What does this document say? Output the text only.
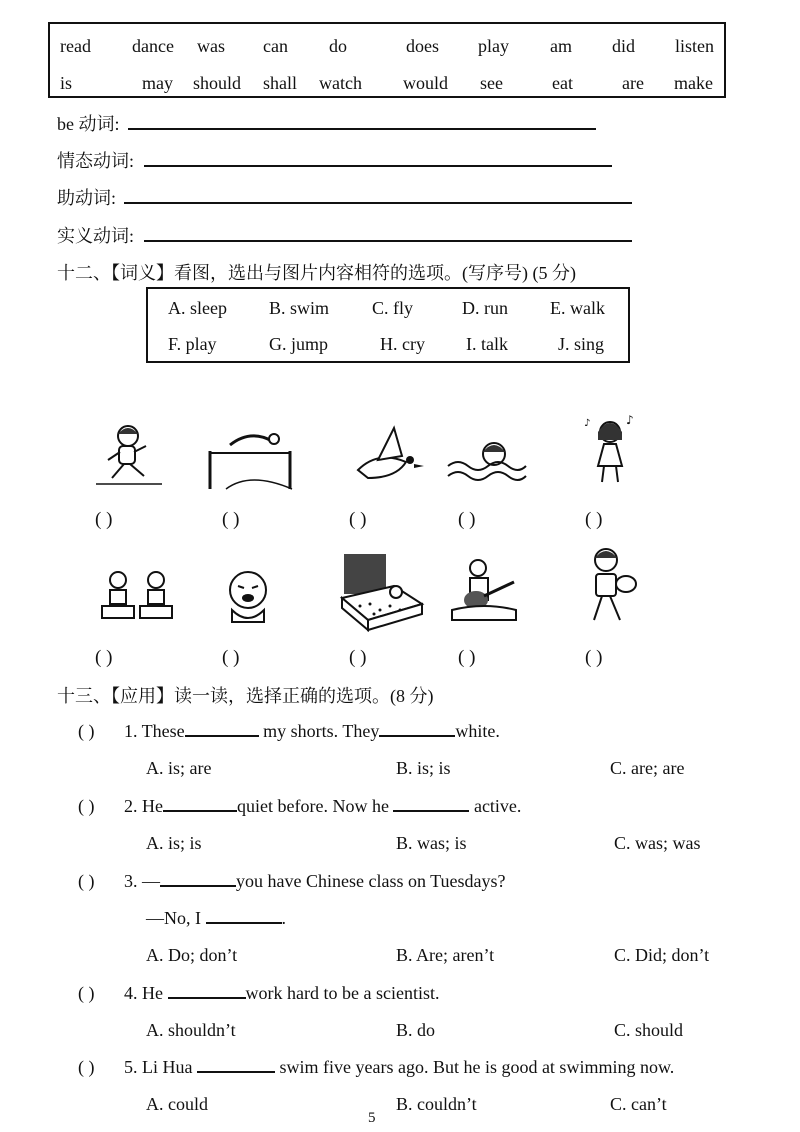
read dance was can do	does play am did listen
is	may should shall watch would see	eat	are make
be 动词:
情态动词:
助动词:
实义动词:
十二、【词义】看图，选出与图片内容相符的选项。(写序号) (5 分)
A. sleep B. swim C. fly	D. run E. walk
F. play	G. jump	H. cry I. talk	J. sing
♪
♪
( )	( )	( )	( )	( )
( )	( )	( )	( )	( )
十三、【应用】读一读，选择正确的选项。(8 分)
( ) 1. These	my shorts. They	white.
A. is; are	B. is; is	C. are; are
( ) 2. He	quiet before. Now he	active.
A. is; is	B. was; is	C. was; was
( ) 3. —	you have Chinese class on Tuesdays?
—No, I	.
A. Do; don’t	B. Are; aren’t	C. Did; don’t
( ) 4. He	work hard to be a scientist.
A. shouldn’t	B. do	C. should
( ) 5. Li Hua	swim five years ago. But he is good at swimming now.
A. could	B. couldn’t	C. can’t
5
